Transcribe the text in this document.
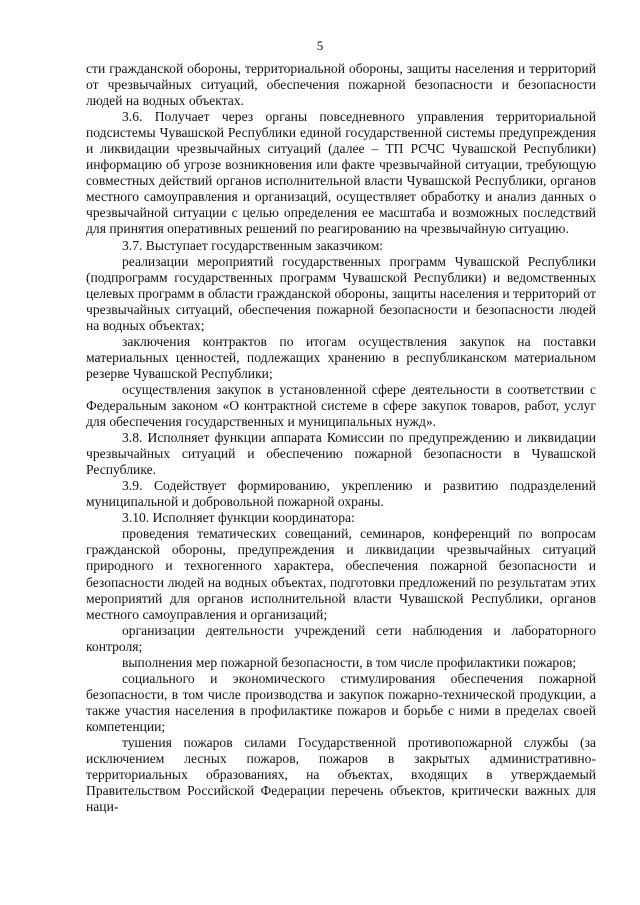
5

сти гражданской обороны, территориальной обороны, защиты населения и территорий от чрезвычайных ситуаций, обеспечения пожарной безопасности и безопасности людей на водных объектах.

3.6. Получает через органы повседневного управления территориальной подсистемы Чувашской Республики единой государственной системы предупреждения и ликвидации чрезвычайных ситуаций (далее – ТП РСЧС Чувашской Республики) информацию об угрозе возникновения или факте чрезвычайной ситуации, требующую совместных действий органов исполнительной власти Чувашской Республики, органов местного самоуправления и организаций, осуществляет обработку и анализ данных о чрезвычайной ситуации с целью определения ее масштаба и возможных последствий для принятия оперативных решений по реагированию на чрезвычайную ситуацию.

3.7. Выступает государственным заказчиком:

реализации мероприятий государственных программ Чувашской Республики (подпрограмм государственных программ Чувашской Республики) и ведомственных целевых программ в области гражданской обороны, защиты населения и территорий от чрезвычайных ситуаций, обеспечения пожарной безопасности и безопасности людей на водных объектах;

заключения контрактов по итогам осуществления закупок на поставки материальных ценностей, подлежащих хранению в республиканском материальном резерве Чувашской Республики;

осуществления закупок в установленной сфере деятельности в соответствии с Федеральным законом «О контрактной системе в сфере закупок товаров, работ, услуг для обеспечения государственных и муниципальных нужд».

3.8. Исполняет функции аппарата Комиссии по предупреждению и ликвидации чрезвычайных ситуаций и обеспечению пожарной безопасности в Чувашской Республике.

3.9. Содействует формированию, укреплению и развитию подразделений муниципальной и добровольной пожарной охраны.

3.10. Исполняет функции координатора:

проведения тематических совещаний, семинаров, конференций по вопросам гражданской обороны, предупреждения и ликвидации чрезвычайных ситуаций природного и техногенного характера, обеспечения пожарной безопасности и безопасности людей на водных объектах, подготовки предложений по результатам этих мероприятий для органов исполнительной власти Чувашской Республики, органов местного самоуправления и организаций;

организации деятельности учреждений сети наблюдения и лабораторного контроля;

выполнения мер пожарной безопасности, в том числе профилактики пожаров;

социального и экономического стимулирования обеспечения пожарной безопасности, в том числе производства и закупок пожарно-технической продукции, а также участия населения в профилактике пожаров и борьбе с ними в пределах своей компетенции;

тушения пожаров силами Государственной противопожарной службы (за исключением лесных пожаров, пожаров в закрытых административно-территориальных образованиях, на объектах, входящих в утверждаемый Правительством Российской Федерации перечень объектов, критически важных для наци-
